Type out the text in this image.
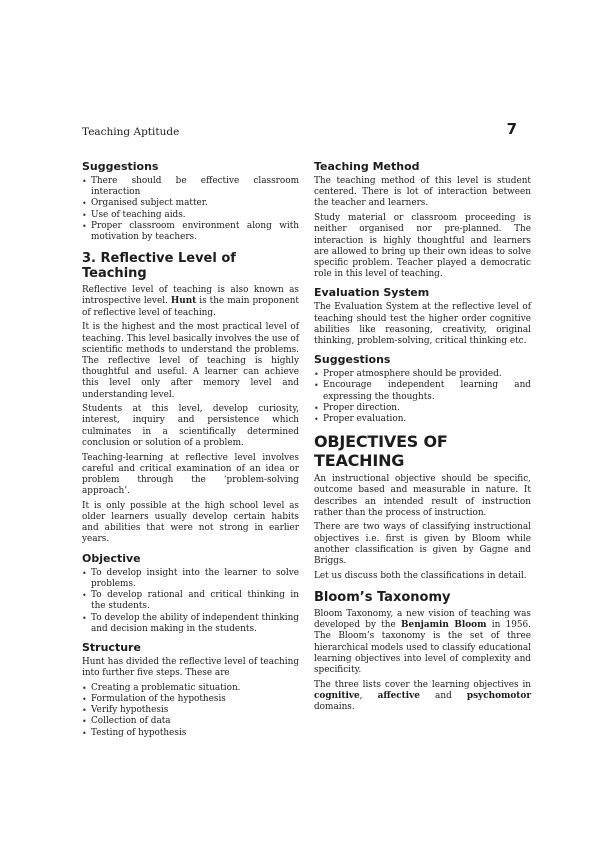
Teaching Aptitude	7
Suggestions
• There should be effective classroom interaction
• Organised subject matter.
• Use of teaching aids.
• Proper classroom environment along with motivation by teachers.
3. Reflective Level of Teaching

Reflective level of teaching is also known as introspective level. Hunt is the main proponent of reflective level of teaching.

It is the highest and the most practical level of teaching. This level basically involves the use of scientific methods to understand the problems. The reflective level of teaching is highly thoughtful and useful. A learner can achieve this level only after memory level and understanding level.

Students at this level, develop curiosity, interest, inquiry and persistence which culminates in a scientifically determined conclusion or solution of a problem.

Teaching-learning at reflective level involves careful and critical examination of an idea or problem through the ‘problem-solving approach’.

It is only possible at the high school level as older learners usually develop certain habits and abilities that were not strong in earlier years.

Objective
• To develop insight into the learner to solve problems.
• To develop rational and critical thinking in the students.
• To develop the ability of independent thinking and decision making in the students.
Structure

Hunt has divided the reflective level of teaching into further five steps. These are

• Creating a problematic situation.
• Formulation of the hypothesis
• Verify hypothesis
• Collection of data
• Testing of hypothesis
Teaching Method

The teaching method of this level is student centered. There is lot of interaction between the teacher and learners.

Study material or classroom proceeding is neither organised nor pre-planned. The interaction is highly thoughtful and learners are allowed to bring up their own ideas to solve specific problem. Teacher played a democratic role in this level of teaching.

Evaluation System

The Evaluation System at the reflective level of teaching should test the higher order cognitive abilities like reasoning, creativity, original thinking, problem-solving, critical thinking etc.

Suggestions
• Proper atmosphere should be provided.
• Encourage independent learning and expressing the thoughts.
• Proper direction.
• Proper evaluation.
OBJECTIVES OF TEACHING

An instructional objective should be specific, outcome based and measurable in nature. It describes an intended result of instruction rather than the process of instruction.

There are two ways of classifying instructional objectives i.e. first is given by Bloom while another classification is given by Gagne and Briggs.

Let us discuss both the classifications in detail.

Bloom’s Taxonomy

Bloom Taxonomy, a new vision of teaching was developed by the Benjamin Bloom in 1956. The Bloom’s taxonomy is the set of three hierarchical models used to classify educational learning objectives into level of complexity and specificity.

The three lists cover the learning objectives in cognitive, affective and psychomotor domains.
